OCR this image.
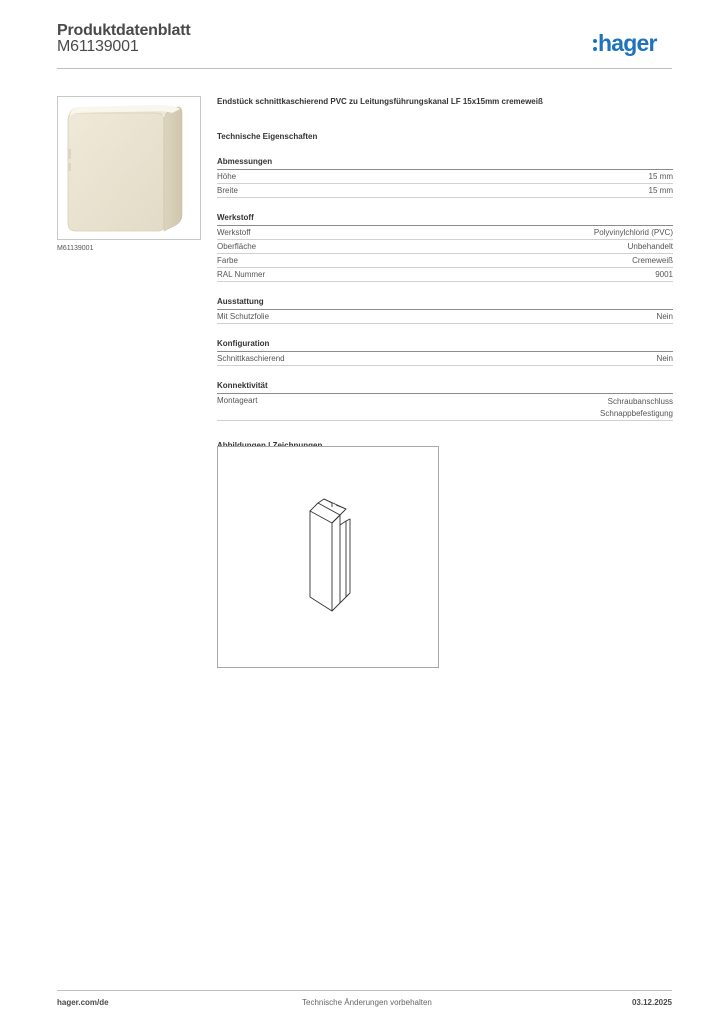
Produktdatenblatt
M61139001	hager
M61139001
Endstück schnittkaschierend PVC zu Leitungsführungskanal LF 15x15mm cremeweiß
Technische Eigenschaften
Abmessungen
Höhe	15 mm
Breite	15 mm
Werkstoff
Werkstoff	Polyvinylchlorid (PVC)
Oberfläche	Unbehandelt
Farbe	Cremeweiß
RAL Nummer	9001
Ausstattung
Mit Schutzfolie	Nein
Konfiguration
Schnittkaschierend	Nein
Konnektivität
Montageart	Schraubanschluss
Schnappbefestigung
hager.com/de	Technische Änderungen vorbehalten	03.12.2025
